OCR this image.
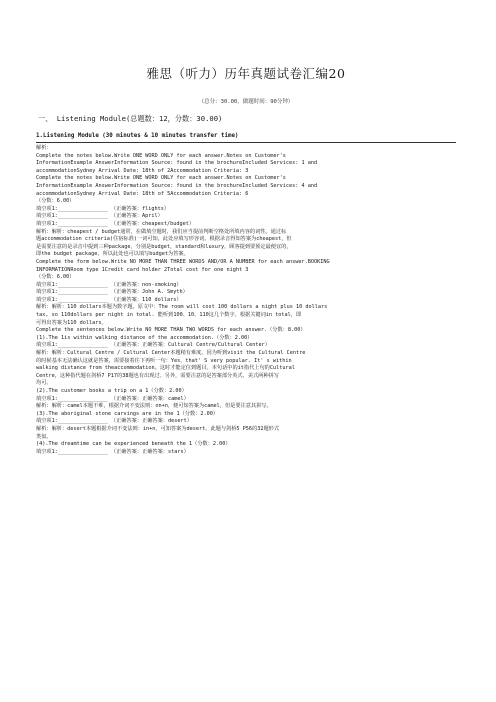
雅思（听力）历年真题试卷汇编20
（总分：30.00，做题时间：90分钟）
一、 Listening Module(总题数：12，分数：30.00)
1.Listening Module (30 minutes & 10 minutes transfer time)

解析：

Complete the notes below.Write ONE WORD ONLY for each answer.Notes on Customer's

InformationExample AnswerInformation Source: found in the brochureIncluded Services: 1 and

accommodationSydney Arrival Date: 18th of 2Accommodation Criteria: 3

Complete the notes below.Write ONE WORD ONLY for each answer.Notes on Customer's

InformationExample AnswerInformation Source: found in the brochureIncluded Services: 4 and

accommodationSydney Arrival Date: 18th of 5Accommodation Criteria: 6

（分数：6.00）

填空项1:________________ （正确答案：flights）

填空项1:________________ （正确答案：April）

填空项1:________________ （正确答案：cheapest/budget）

解析：解析：cheapest / budget通常，在做填空题时，我们应当提前判断空格处所填内容的词性。通过标

题accommodation criteria(住宿标准)一词可知，此处应填写形容词。根据录音得知答案为cheapest，但

是需要注意的是录音中提到三种package，分别是budget，standard和luxury，顾客提到要预定最便宜的，

即the budget package，所以此处也可以填写budget为答案。

Complete the form below.Write NO MORE THAN THREE WORDS AND/OR A NUMBER for each answer.BOOKING

INFORMATIONRoom type 1Credit card holder 2Total cost for one night 3

（分数：6.00）

填空项1:________________ （正确答案：non-smoking）

填空项1:________________ （正确答案：John A. Smyth）

填空项1:________________ （正确答案：110 dollars）

解析：解析：110 dollars本题为数字题。原文中：The room will cost 100 dollars a night plus 10 dollars

tax, so 110dollars per night in total. 能听到100、10、110这几个数字。根据关键词in total，即

可得出答案为110 dollars。

Complete the sentences below.Write NO MORE THAN TWO WORDS for each answer.（分数：8.00）

(1).The 1is within walking distance of the accommodation.（分数：2.00）

填空项1:________________ （正确答案：正确答案：Cultural Centre/Cultural Center）

解析：解析：Cultural Centre / Cultural Center本题稍有难度。因为听到visit the Cultural Centre

的时候基本无法确认这就是答案，需要接着往下再听一句：Yes，that' S very popular. It' s within

walking distance from theaccommodation。这时才能定位到题目。本句话中的it指代上句的Cultural

Centre，这种指代题在剑桥7 P17的38题也有出现过。另外，需要注意的是答案部分英式、美式两种拼写

均可。

(2).The customer books a trip on a 1（分数：2.00）

填空项1:________________ （正确答案：正确答案：camel）

解析：解析：camel本题不难，根据介词不变法则：on+n，便可知答案为camel，但是要注意其拼写。

(3).The aboriginal stone carvings are in the 1（分数：2.00）

填空项1:________________ （正确答案：正确答案：desert）

解析：解析：desert本题根据介词不变法则：in+n，可知答案为desert。此题与剑桥5 P56的32题形式

类似。

(4).The dreamtime can be experienced beneath the 1（分数：2.00）

填空项1:________________ （正确答案：正确答案：stars）
